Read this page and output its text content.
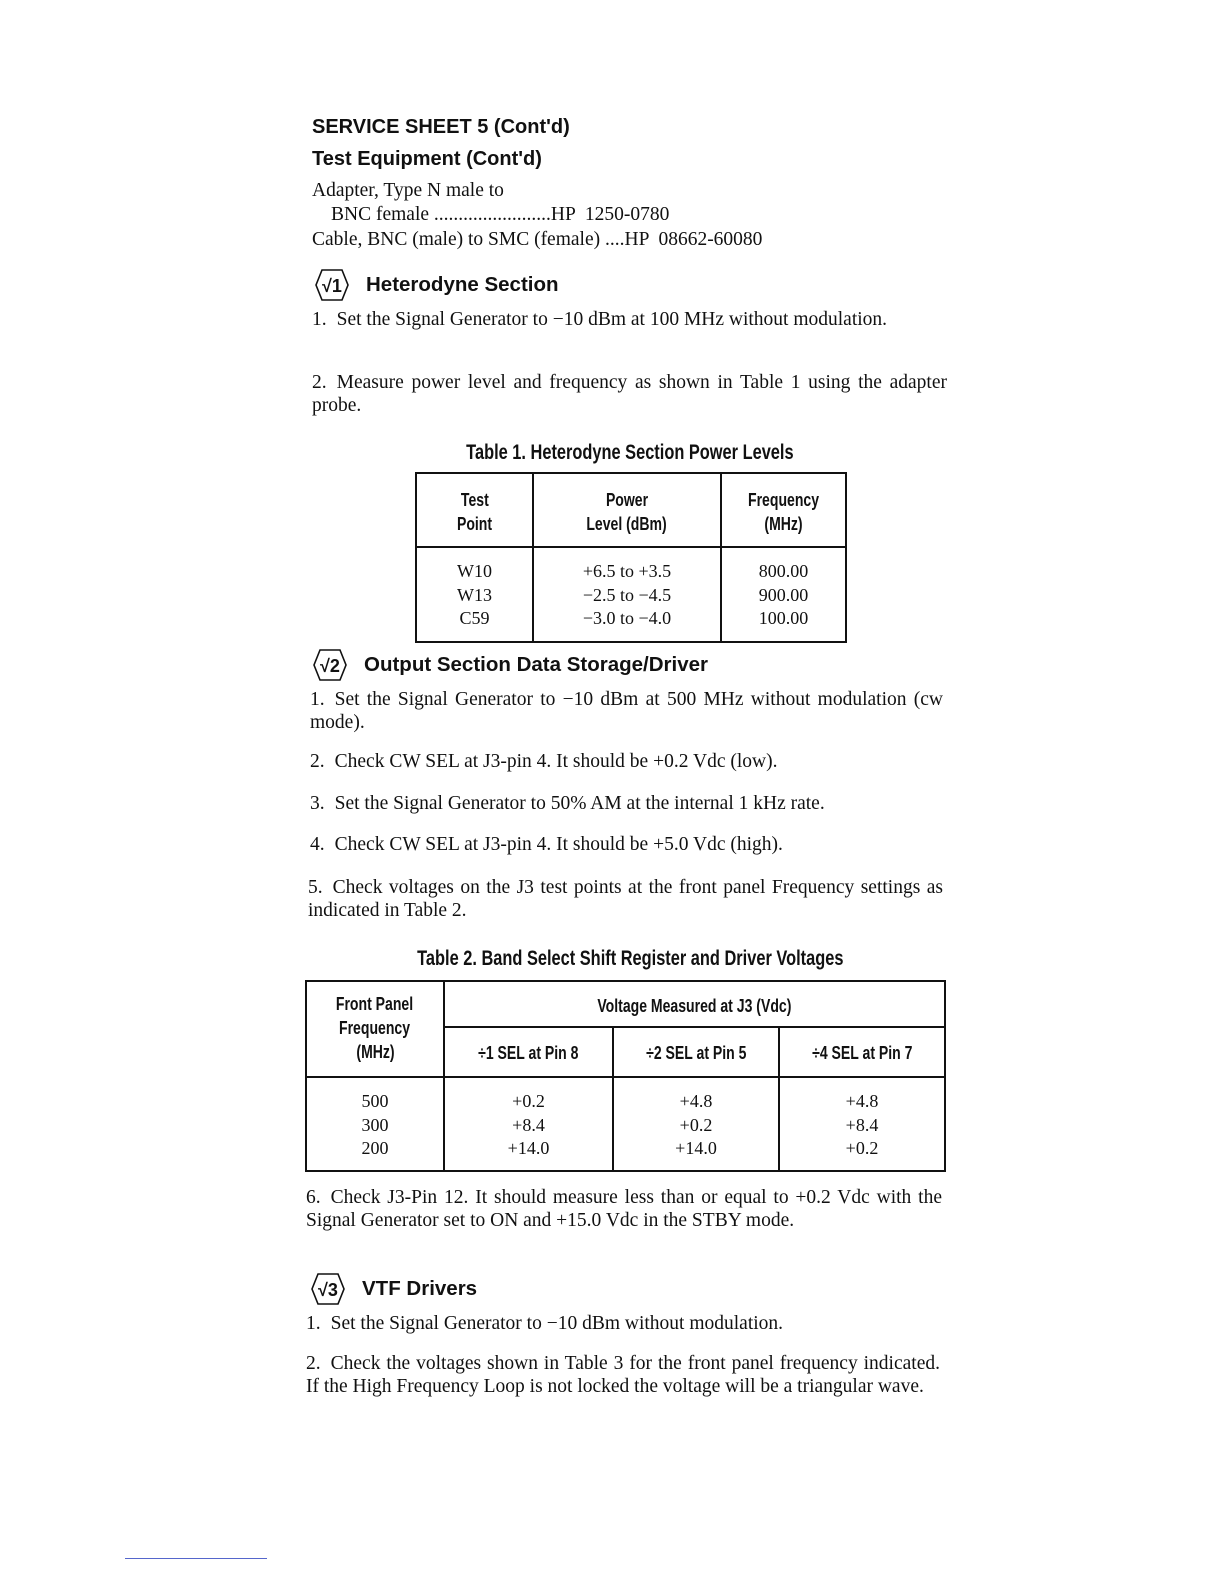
SERVICE SHEET 5 (Cont'd)
Test Equipment (Cont'd)
Adapter, Type N male to
BNC female ........................HP  1250-0780
Cable, BNC (male) to SMC (female) ....HP  08662-60080
√1 Heterodyne Section
1. Set the Signal Generator to −10 dBm at 100 MHz without modulation.
2. Measure power level and frequency as shown in Table 1 using the adapter probe.
Table 1. Heterodyne Section Power Levels
Test
Point
Power
Level (dBm)
Frequency
(MHz)
W10
W13
C59
+6.5 to +3.5
−2.5 to −4.5
−3.0 to −4.0
800.00
900.00
100.00
√2 Output Section Data Storage/Driver
1. Set the Signal Generator to −10 dBm at 500 MHz without modulation (cw mode).
2. Check CW SEL at J3-pin 4. It should be +0.2 Vdc (low).
3. Set the Signal Generator to 50% AM at the internal 1 kHz rate.
4. Check CW SEL at J3-pin 4. It should be +5.0 Vdc (high).
5. Check voltages on the J3 test points at the front panel Frequency settings as indicated in Table 2.
Table 2. Band Select Shift Register and Driver Voltages
Front Panel
Frequency
(MHz)
Voltage Measured at J3 (Vdc)
÷1 SEL at Pin 8	÷2 SEL at Pin 5	÷4 SEL at Pin 7
500
300
200
+0.2
+8.4
+14.0
+4.8
+0.2
+14.0
+4.8
+8.4
+0.2
6. Check J3-Pin 12. It should measure less than or equal to +0.2 Vdc with the Signal Generator set to ON and +15.0 Vdc in the STBY mode.
√3 VTF Drivers
1. Set the Signal Generator to −10 dBm without modulation.
2. Check the voltages shown in Table 3 for the front panel frequency indicated. If the High Frequency Loop is not locked the voltage will be a triangular wave.
